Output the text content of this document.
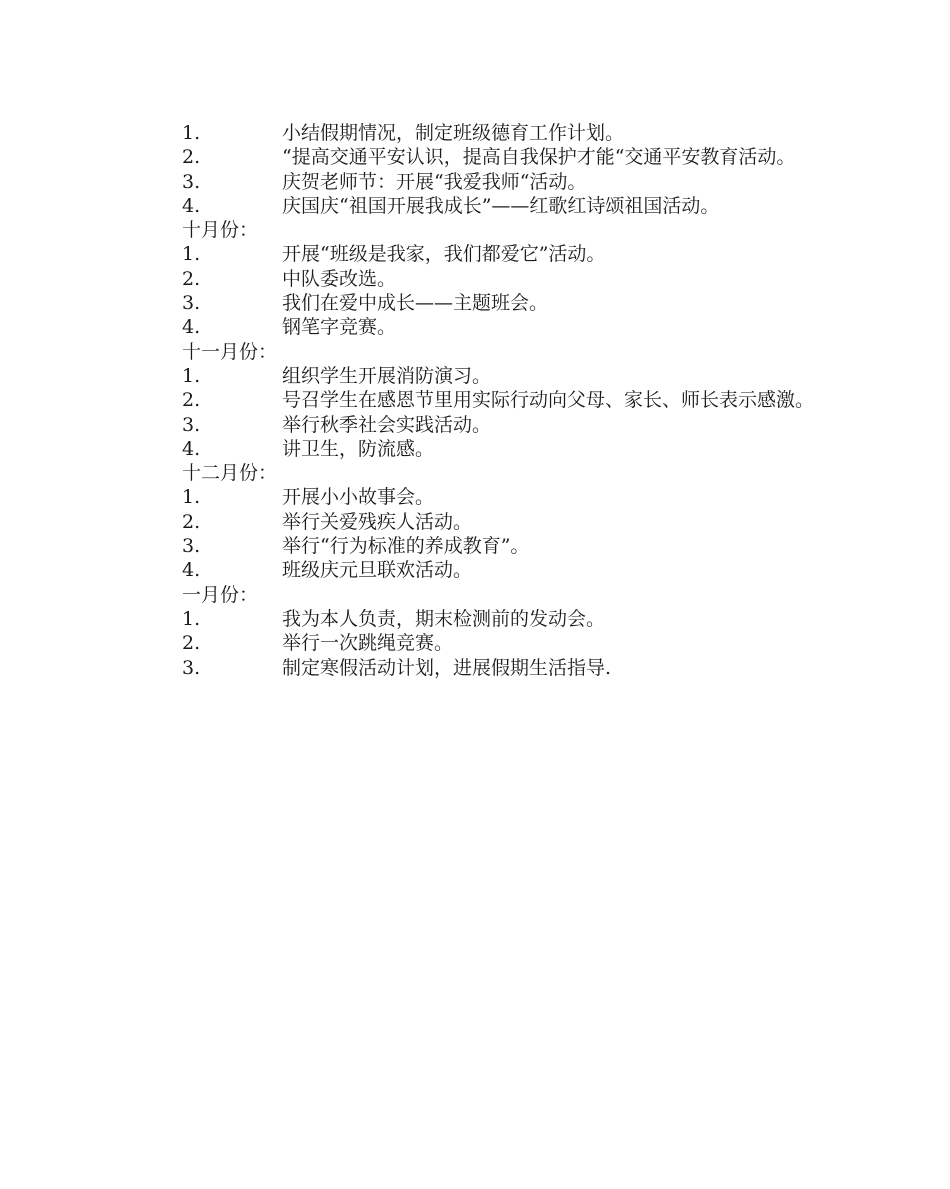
1.	小结假期情况，制定班级德育工作计划。
2.	“提高交通平安认识，提高自我保护才能“交通平安教育活动。
3.	庆贺老师节：开展“我爱我师“活动。
4.	庆国庆“祖国开展我成长”——红歌红诗颂祖国活动。
十月份：
1.	开展“班级是我家，我们都爱它”活动。
2.	中队委改选。
3.	我们在爱中成长——主题班会。
4.	钢笔字竞赛。
十一月份：
1.	组织学生开展消防演习。
2.	号召学生在感恩节里用实际行动向父母、家长、师长表示感激。
3.	举行秋季社会实践活动。
4.	讲卫生，防流感。
十二月份：
1.	开展小小故事会。
2.	举行关爱残疾人活动。
3.	举行“行为标准的养成教育”。
4.	班级庆元旦联欢活动。
一月份：
1.	我为本人负责，期末检测前的发动会。
2.	举行一次跳绳竞赛。
3.	制定寒假活动计划，进展假期生活指导.
